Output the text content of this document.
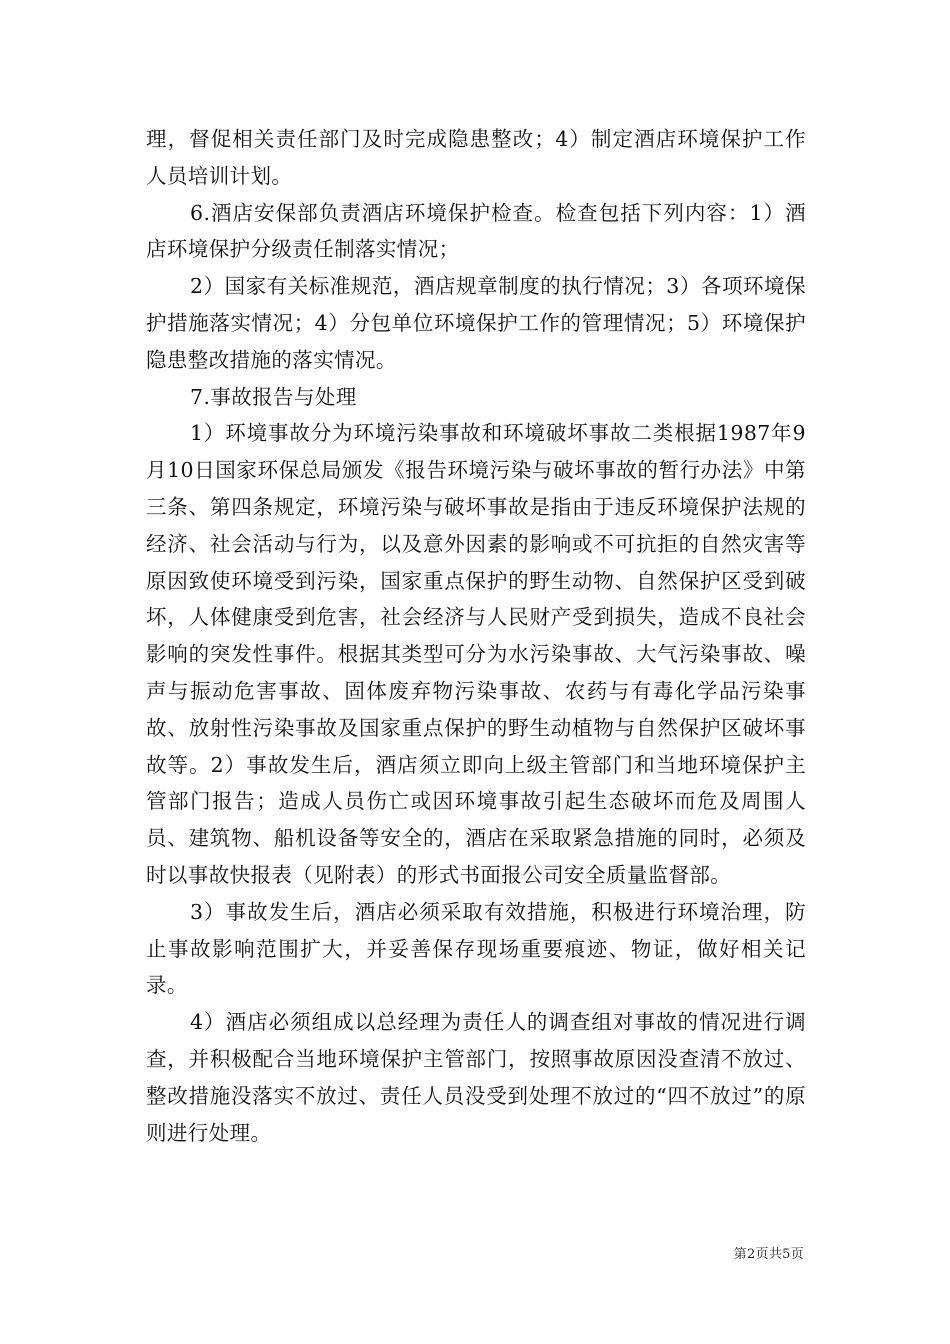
理，督促相关责任部门及时完成隐患整改；4）制定酒店环境保护工作人员培训计划。

6.酒店安保部负责酒店环境保护检查。检查包括下列内容：1）酒店环境保护分级责任制落实情况；

2）国家有关标准规范，酒店规章制度的执行情况；3）各项环境保护措施落实情况；4）分包单位环境保护工作的管理情况；5）环境保护隐患整改措施的落实情况。

7.事故报告与处理

1）环境事故分为环境污染事故和环境破坏事故二类根据1987年9月10日国家环保总局颁发《报告环境污染与破坏事故的暂行办法》中第三条、第四条规定，环境污染与破坏事故是指由于违反环境保护法规的经济、社会活动与行为，以及意外因素的影响或不可抗拒的自然灾害等原因致使环境受到污染，国家重点保护的野生动物、自然保护区受到破坏，人体健康受到危害，社会经济与人民财产受到损失，造成不良社会影响的突发性事件。根据其类型可分为水污染事故、大气污染事故、噪声与振动危害事故、固体废弃物污染事故、农药与有毒化学品污染事故、放射性污染事故及国家重点保护的野生动植物与自然保护区破坏事故等。2）事故发生后，酒店须立即向上级主管部门和当地环境保护主管部门报告；造成人员伤亡或因环境事故引起生态破坏而危及周围人员、建筑物、船机设备等安全的，酒店在采取紧急措施的同时，必须及时以事故快报表（见附表）的形式书面报公司安全质量监督部。

3）事故发生后，酒店必须采取有效措施，积极进行环境治理，防止事故影响范围扩大，并妥善保存现场重要痕迹、物证，做好相关记录。

4）酒店必须组成以总经理为责任人的调查组对事故的情况进行调查，并积极配合当地环境保护主管部门，按照事故原因没查清不放过、整改措施没落实不放过、责任人员没受到处理不放过的“四不放过”的原则进行处理。

第2页共5页
